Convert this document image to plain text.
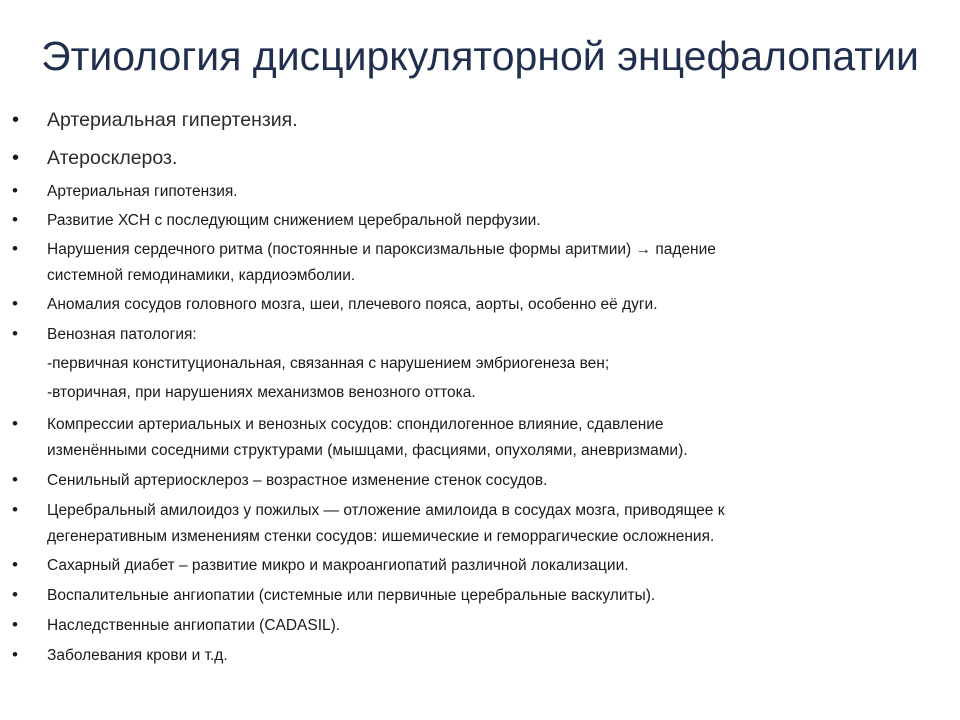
Этиология дисциркуляторной энцефалопатии
• Артериальная гипертензия.
• Атеросклероз.
•	Артериальная гипотензия.
•	Развитие ХСН с последующим снижением церебральной перфузии.
•	Нарушения сердечного ритма (постоянные и пароксизмальные формы аритмии) → падение
системной гемодинамики, кардиоэмболии.
•	Аномалия сосудов головного мозга, шеи, плечевого пояса, аорты, особенно её дуги.
•	Венозная патология:
-первичная конституциональная, связанная с нарушением эмбриогенеза вен;
-вторичная, при нарушениях механизмов венозного оттока.
•	Компрессии артериальных и венозных сосудов: спондилогенное влияние, сдавление
изменёнными соседними структурами (мышцами, фасциями, опухолями, аневризмами).
•	Сенильный артериосклероз – возрастное изменение стенок сосудов.
•	Церебральный амилоидоз у пожилых — отложение амилоида в сосудах мозга, приводящее к
дегенеративным изменениям стенки сосудов: ишемические и геморрагические осложнения.
•	Сахарный диабет – развитие микро и макроангиопатий различной локализации.
•	Воспалительные ангиопатии (системные или первичные церебральные васкулиты).
•	Наследственные ангиопатии (CADASIL).
•	Заболевания крови и т.д.
